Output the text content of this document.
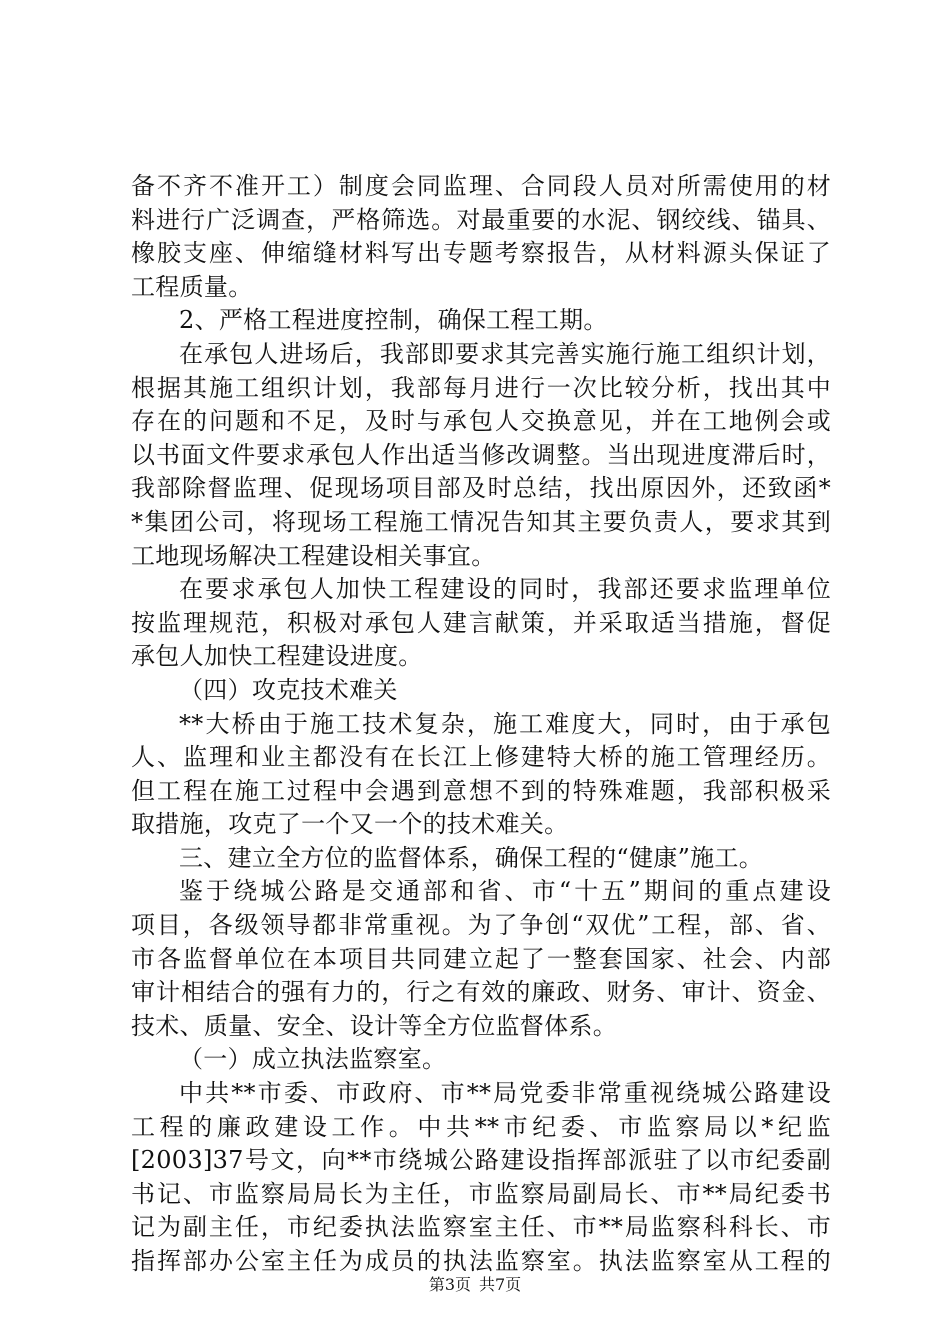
备不齐不准开工）制度会同监理、合同段人员对所需使用的材
料进行广泛调查，严格筛选。对最重要的水泥、钢绞线、锚具、
橡胶支座、伸缩缝材料写出专题考察报告，从材料源头保证了
工程质量。
2、严格工程进度控制，确保工程工期。
在承包人进场后，我部即要求其完善实施行施工组织计划，
根据其施工组织计划，我部每月进行一次比较分析，找出其中
存在的问题和不足，及时与承包人交换意见，并在工地例会或
以书面文件要求承包人作出适当修改调整。当出现进度滞后时，
我部除督监理、促现场项目部及时总结，找出原因外，还致函*
*集团公司，将现场工程施工情况告知其主要负责人，要求其到
工地现场解决工程建设相关事宜。
在要求承包人加快工程建设的同时，我部还要求监理单位
按监理规范，积极对承包人建言献策，并采取适当措施，督促
承包人加快工程建设进度。
（四）攻克技术难关
**大桥由于施工技术复杂，施工难度大，同时，由于承包
人、监理和业主都没有在长江上修建特大桥的施工管理经历。
但工程在施工过程中会遇到意想不到的特殊难题，我部积极采
取措施，攻克了一个又一个的技术难关。
三、建立全方位的监督体系，确保工程的“健康”施工。
鉴于绕城公路是交通部和省、市“十五”期间的重点建设
项目，各级领导都非常重视。为了争创“双优”工程，部、省、
市各监督单位在本项目共同建立起了一整套国家、社会、内部
审计相结合的强有力的，行之有效的廉政、财务、审计、资金、
技术、质量、安全、设计等全方位监督体系。
（一）成立执法监察室。
中共**市委、市政府、市**局党委非常重视绕城公路建设
工程的廉政建设工作。中共**市纪委、市监察局以*纪监
[2003]37号文，向**市绕城公路建设指挥部派驻了以市纪委副
书记、市监察局局长为主任，市监察局副局长、市**局纪委书
记为副主任，市纪委执法监察室主任、市**局监察科科长、市
指挥部办公室主任为成员的执法监察室。执法监察室从工程的
第3页 共7页
